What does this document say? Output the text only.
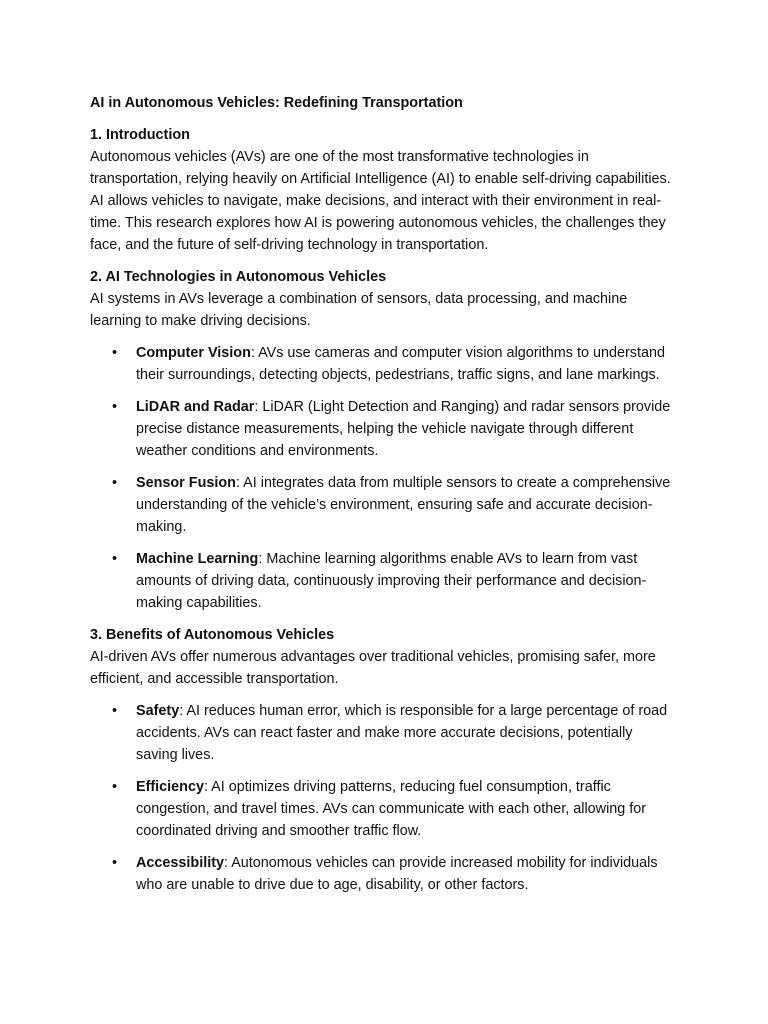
AI in Autonomous Vehicles: Redefining Transportation

1. Introduction

Autonomous vehicles (AVs) are one of the most transformative technologies in transportation, relying heavily on Artificial Intelligence (AI) to enable self-driving capabilities. AI allows vehicles to navigate, make decisions, and interact with their environment in real-time. This research explores how AI is powering autonomous vehicles, the challenges they face, and the future of self-driving technology in transportation.

2. AI Technologies in Autonomous Vehicles

AI systems in AVs leverage a combination of sensors, data processing, and machine learning to make driving decisions.

• Computer Vision: AVs use cameras and computer vision algorithms to understand their surroundings, detecting objects, pedestrians, traffic signs, and lane markings.
• LiDAR and Radar: LiDAR (Light Detection and Ranging) and radar sensors provide precise distance measurements, helping the vehicle navigate through different weather conditions and environments.
• Sensor Fusion: AI integrates data from multiple sensors to create a comprehensive understanding of the vehicle’s environment, ensuring safe and accurate decision-making.
• Machine Learning: Machine learning algorithms enable AVs to learn from vast amounts of driving data, continuously improving their performance and decision-making capabilities.

3. Benefits of Autonomous Vehicles

AI-driven AVs offer numerous advantages over traditional vehicles, promising safer, more efficient, and accessible transportation.

• Safety: AI reduces human error, which is responsible for a large percentage of road accidents. AVs can react faster and make more accurate decisions, potentially saving lives.
• Efficiency: AI optimizes driving patterns, reducing fuel consumption, traffic congestion, and travel times. AVs can communicate with each other, allowing for coordinated driving and smoother traffic flow.
• Accessibility: Autonomous vehicles can provide increased mobility for individuals who are unable to drive due to age, disability, or other factors.
